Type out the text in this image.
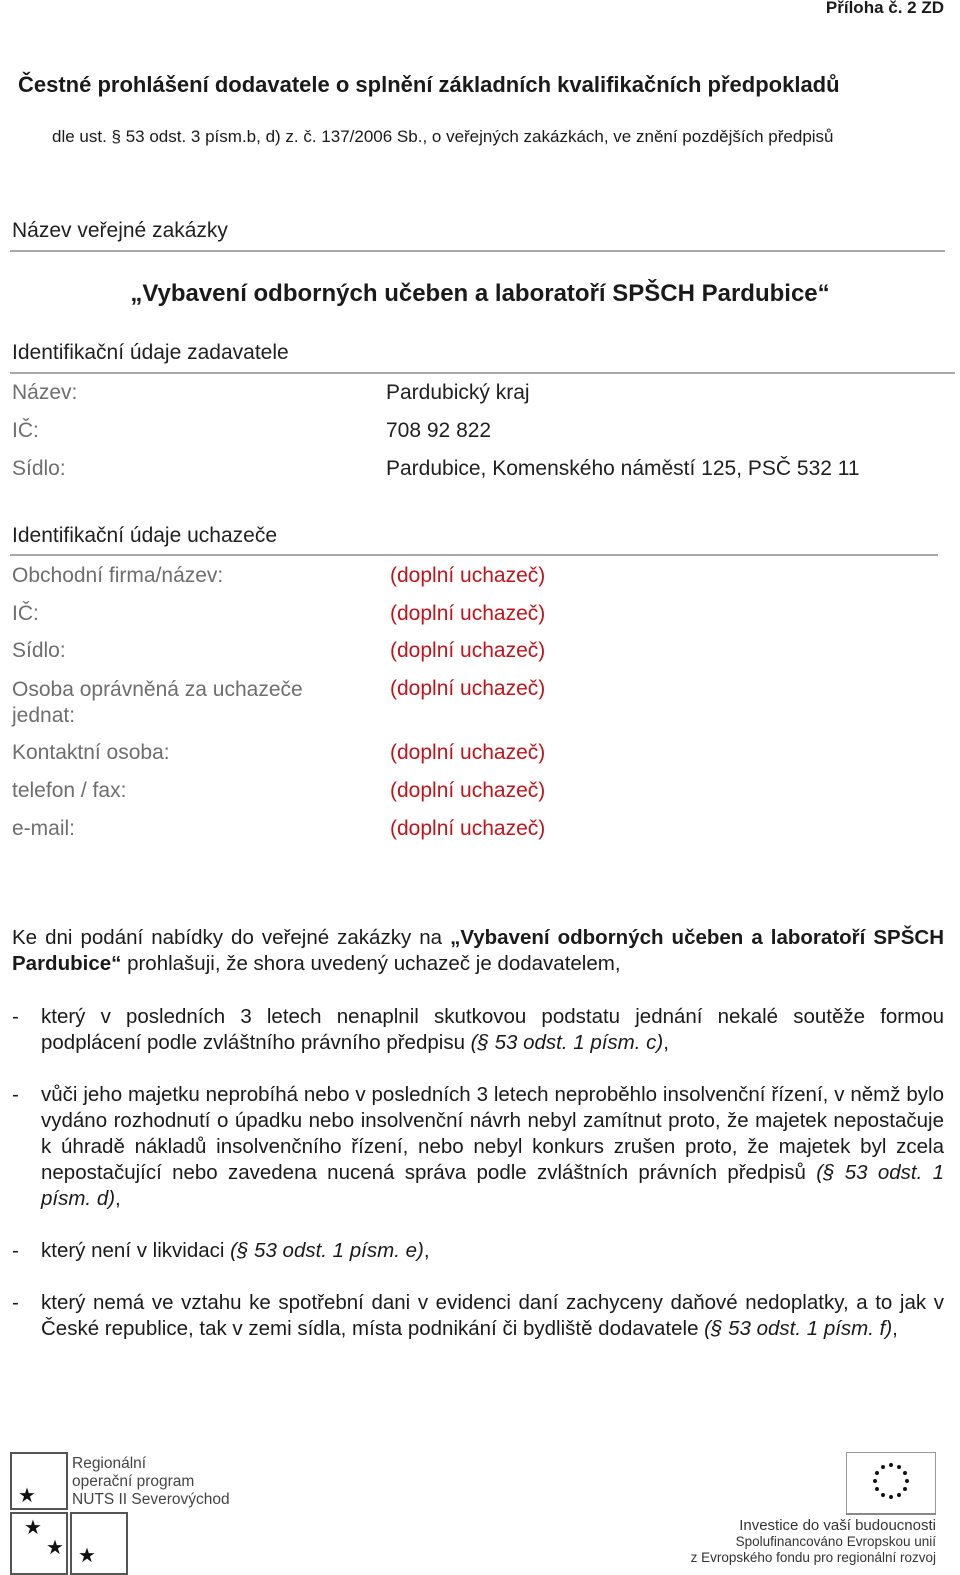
Příloha č. 2 ZD
Čestné prohlášení dodavatele o splnění základních kvalifikačních předpokladů
dle ust. § 53 odst. 3 písm.b, d) z. č. 137/2006 Sb., o veřejných zakázkách, ve znění pozdějších předpisů
Název veřejné zakázky
„Vybavení odborných učeben a laboratoří SPŠCH Pardubice“
Identifikační údaje zadavatele
Název:	Pardubický kraj
IČ:	708 92 822
Sídlo:	Pardubice, Komenského náměstí 125, PSČ 532 11
Identifikační údaje uchazeče
Obchodní firma/název:	(doplní uchazeč)
IČ:	(doplní uchazeč)
Sídlo:	(doplní uchazeč)
Osoba oprávněná za uchazeče jednat:
(doplní uchazeč)
Kontaktní osoba:	(doplní uchazeč)
telefon / fax:	(doplní uchazeč)
e-mail:	(doplní uchazeč)
Ke dni podání nabídky do veřejné zakázky na „Vybavení odborných učeben a laboratoří SPŠCH Pardubice“ prohlašuji, že shora uvedený uchazeč je dodavatelem,
- který v posledních 3 letech nenaplnil skutkovou podstatu jednání nekalé soutěže formou podplácení podle zvláštního právního předpisu (§ 53 odst. 1 písm. c),
- vůči jeho majetku neprobíhá nebo v posledních 3 letech neproběhlo insolvenční řízení, v němž bylo vydáno rozhodnutí o úpadku nebo insolvenční návrh nebyl zamítnut proto, že majetek nepostačuje k úhradě nákladů insolvenčního řízení, nebo nebyl konkurs zrušen proto, že majetek byl zcela nepostačující nebo zavedena nucená správa podle zvláštních právních předpisů (§ 53 odst. 1 písm. d),
- který není v likvidaci (§ 53 odst. 1 písm. e),
- který nemá ve vztahu ke spotřební dani v evidenci daní zachyceny daňové nedoplatky, a to jak v České republice, tak v zemi sídla, místa podnikání či bydliště dodavatele (§ 53 odst. 1 písm. f),
★
★
★ ★
Regionální
operační program
NUTS II Severovýchod
Investice do vaší budoucnosti
Spolufinancováno Evropskou unií
z Evropského fondu pro regionální rozvoj
